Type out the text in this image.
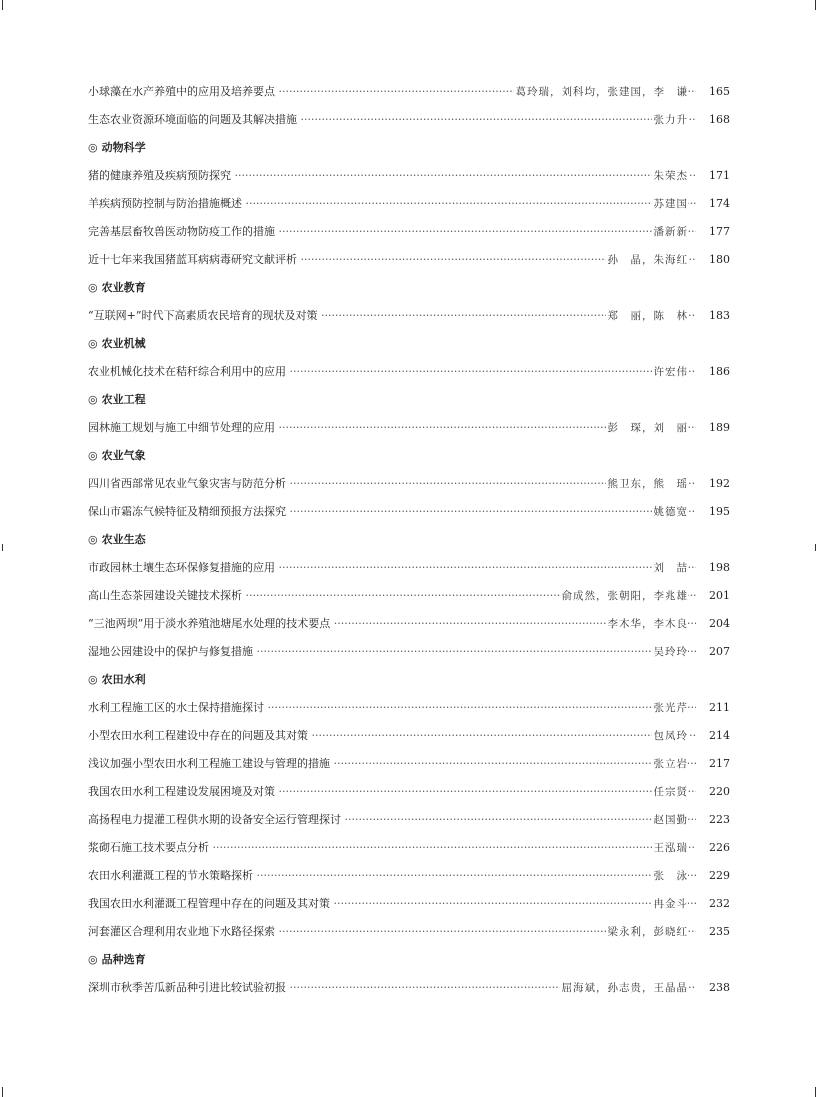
小球藻在水产养殖中的应用及培养要点 ·····	葛玲瑞，刘科均，张建国，李　谦	165
生态农业资源环境面临的问题及其解决措施 ·····	张力升	168
◎ 动物科学
猪的健康养殖及疾病预防探究 ·····	朱荣杰	171
羊疾病预防控制与防治措施概述 ·····	苏建国	174
完善基层畜牧兽医动物防疫工作的措施 ·····	潘新新	177
近十七年来我国猪蓝耳病病毒研究文献评析 ·····	孙　晶，朱海红	180
◎ 农业教育
“互联网+”时代下高素质农民培育的现状及对策 ·····	郑　丽，陈　林	183
◎ 农业机械
农业机械化技术在秸秆综合利用中的应用 ·····	许宏伟	186
◎ 农业工程
园林施工规划与施工中细节处理的应用 ·····	彭　琛，刘　丽	189
◎ 农业气象
四川省西部常见农业气象灾害与防范分析 ·····	熊卫东，熊　瑶	192
保山市霜冻气候特征及精细预报方法探究 ·····	姚德宽	195
◎ 农业生态
市政园林土壤生态环保修复措施的应用 ·····	刘　喆	198
高山生态茶园建设关键技术探析 ·····	俞成然，张朝阳，李兆雄	201
“三池两坝”用于淡水养殖池塘尾水处理的技术要点 ·····	李木华，李木良	204
湿地公园建设中的保护与修复措施 ·····	吴玲玲	207
◎ 农田水利
水利工程施工区的水土保持措施探讨 ·····	张光芹	211
小型农田水利工程建设中存在的问题及其对策 ·····	包凤玲	214
浅议加强小型农田水利工程施工建设与管理的措施 ·····	张立岩	217
我国农田水利工程建设发展困境及对策 ·····	任宗贤	220
高扬程电力提灌工程供水期的设备安全运行管理探讨 ·····	赵国勤	223
浆砌石施工技术要点分析 ·····	王泓瑞	226
农田水利灌溉工程的节水策略探析 ·····	张　泳	229
我国农田水利灌溉工程管理中存在的问题及其对策 ·····	冉金斗	232
河套灌区合理利用农业地下水路径探索 ·····	梁永利，彭晓红	235
◎ 品种选育
深圳市秋季苦瓜新品种引进比较试验初报 ·····	屈海斌，孙志贵，王晶晶	238
